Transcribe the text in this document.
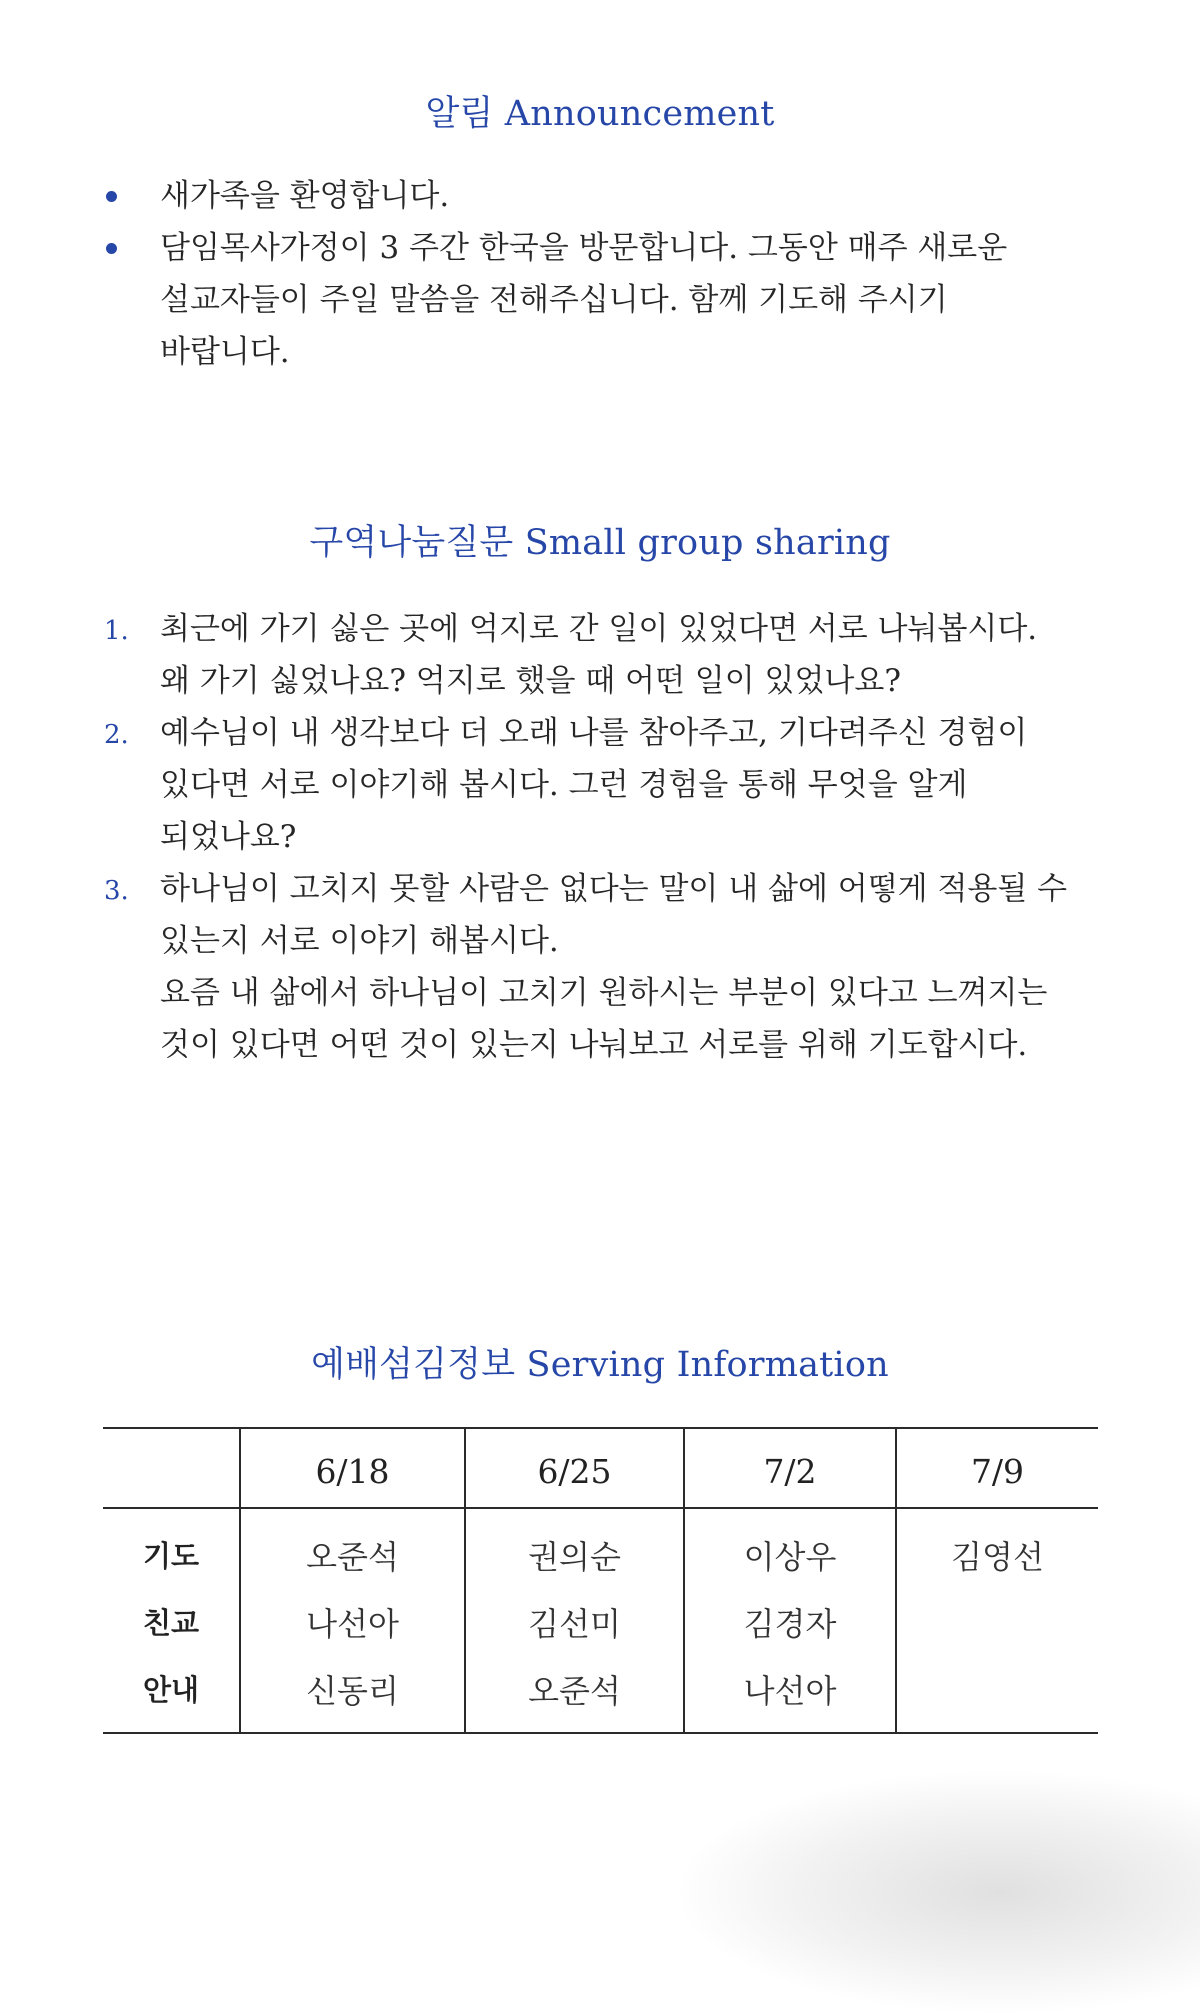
알림 Announcement
새가족을 환영합니다.
담임목사가정이 3 주간 한국을 방문합니다. 그동안 매주 새로운
설교자들이 주일 말씀을 전해주십니다. 함께 기도해 주시기
바랍니다.
구역나눔질문 Small group sharing
1. 최근에 가기 싫은 곳에 억지로 간 일이 있었다면 서로 나눠봅시다.
왜 가기 싫었나요? 억지로 했을 때 어떤 일이 있었나요?
2. 예수님이 내 생각보다 더 오래 나를 참아주고, 기다려주신 경험이
있다면 서로 이야기해 봅시다. 그런 경험을 통해 무엇을 알게
되었나요?
3. 하나님이 고치지 못할 사람은 없다는 말이 내 삶에 어떻게 적용될 수
있는지 서로 이야기 해봅시다.
요즘 내 삶에서 하나님이 고치기 원하시는 부분이 있다고 느껴지는
것이 있다면 어떤 것이 있는지 나눠보고 서로를 위해 기도합시다.
예배섬김정보 Serving Information
	6/18	6/25	7/2	7/9
기도	오준석	권의순	이상우	김영선
친교	나선아	김선미	김경자	
안내	신동리	오준석	나선아	
